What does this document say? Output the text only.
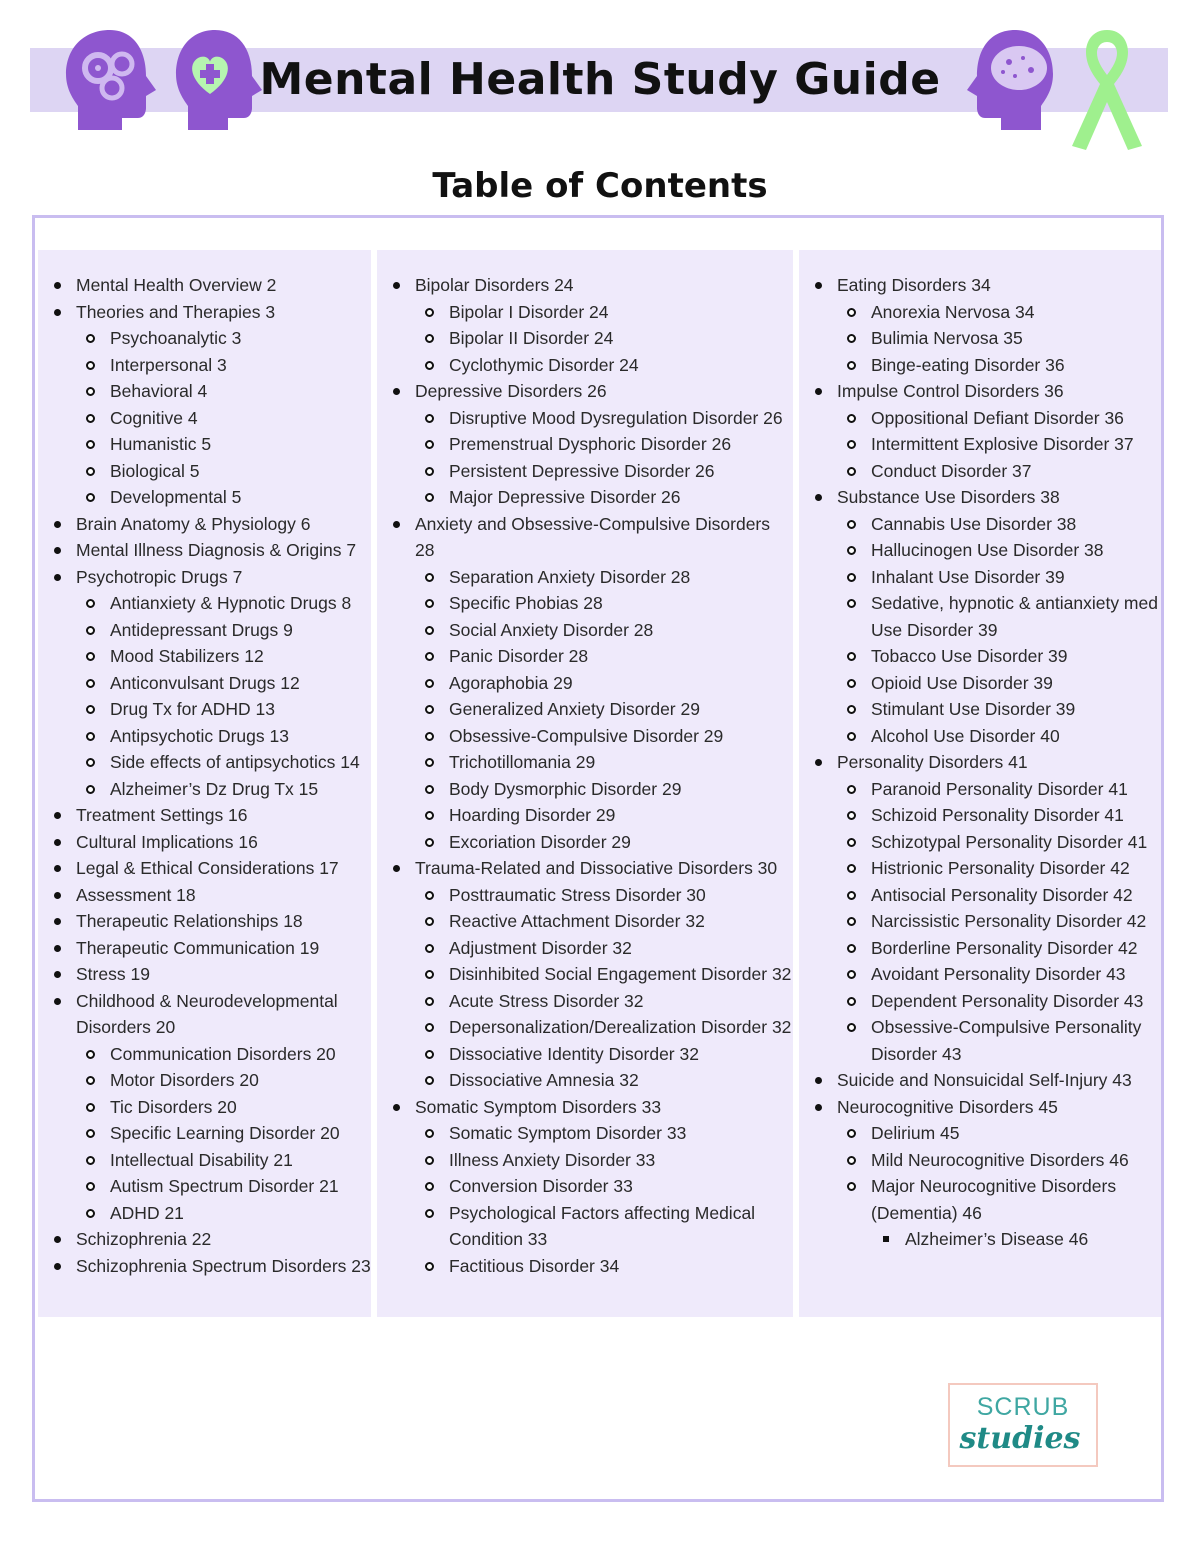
Mental Health Study Guide
Table of Contents
Mental Health Overview 2
Theories and Therapies 3
Psychoanalytic 3
Interpersonal 3
Behavioral 4
Cognitive 4
Humanistic 5
Biological 5
Developmental 5
Brain Anatomy & Physiology 6
Mental Illness Diagnosis & Origins 7
Psychotropic Drugs 7
Antianxiety & Hypnotic Drugs 8
Antidepressant Drugs 9
Mood Stabilizers 12
Anticonvulsant Drugs 12
Drug Tx for ADHD 13
Antipsychotic Drugs 13
Side effects of antipsychotics 14
Alzheimer’s Dz Drug Tx 15
Treatment Settings 16
Cultural Implications 16
Legal & Ethical Considerations 17
Assessment 18
Therapeutic Relationships 18
Therapeutic Communication 19
Stress 19
Childhood & Neurodevelopmental Disorders 20
Communication Disorders 20
Motor Disorders 20
Tic Disorders 20
Specific Learning Disorder 20
Intellectual Disability 21
Autism Spectrum Disorder 21
ADHD 21
Schizophrenia 22
Schizophrenia Spectrum Disorders 23
Bipolar Disorders 24
Bipolar I Disorder 24
Bipolar II Disorder 24
Cyclothymic Disorder 24
Depressive Disorders 26
Disruptive Mood Dysregulation Disorder 26
Premenstrual Dysphoric Disorder 26
Persistent Depressive Disorder 26
Major Depressive Disorder 26
Anxiety and Obsessive-Compulsive Disorders 28
Separation Anxiety Disorder 28
Specific Phobias 28
Social Anxiety Disorder 28
Panic Disorder 28
Agoraphobia 29
Generalized Anxiety Disorder 29
Obsessive-Compulsive Disorder 29
Trichotillomania 29
Body Dysmorphic Disorder 29
Hoarding Disorder 29
Excoriation Disorder 29
Trauma-Related and Dissociative Disorders 30
Posttraumatic Stress Disorder 30
Reactive Attachment Disorder 32
Adjustment Disorder 32
Disinhibited Social Engagement Disorder 32
Acute Stress Disorder 32
Depersonalization/Derealization Disorder 32
Dissociative Identity Disorder 32
Dissociative Amnesia 32
Somatic Symptom Disorders 33
Somatic Symptom Disorder 33
Illness Anxiety Disorder 33
Conversion Disorder 33
Psychological Factors affecting Medical Condition 33
Factitious Disorder 34
Eating Disorders 34
Anorexia Nervosa 34
Bulimia Nervosa 35
Binge-eating Disorder 36
Impulse Control Disorders 36
Oppositional Defiant Disorder 36
Intermittent Explosive Disorder 37
Conduct Disorder 37
Substance Use Disorders 38
Cannabis Use Disorder 38
Hallucinogen Use Disorder 38
Inhalant Use Disorder 39
Sedative, hypnotic & antianxiety med Use Disorder 39
Tobacco Use Disorder 39
Opioid Use Disorder 39
Stimulant Use Disorder 39
Alcohol Use Disorder 40
Personality Disorders 41
Paranoid Personality Disorder 41
Schizoid Personality Disorder 41
Schizotypal Personality Disorder 41
Histrionic Personality Disorder 42
Antisocial Personality Disorder 42
Narcissistic Personality Disorder 42
Borderline Personality Disorder 42
Avoidant Personality Disorder 43
Dependent Personality Disorder 43
Obsessive-Compulsive Personality Disorder 43
Suicide and Nonsuicidal Self-Injury 43
Neurocognitive Disorders 45
Delirium 45
Mild Neurocognitive Disorders 46
Major Neurocognitive Disorders (Dementia) 46
Alzheimer’s Disease 46
SCRUB
studies
